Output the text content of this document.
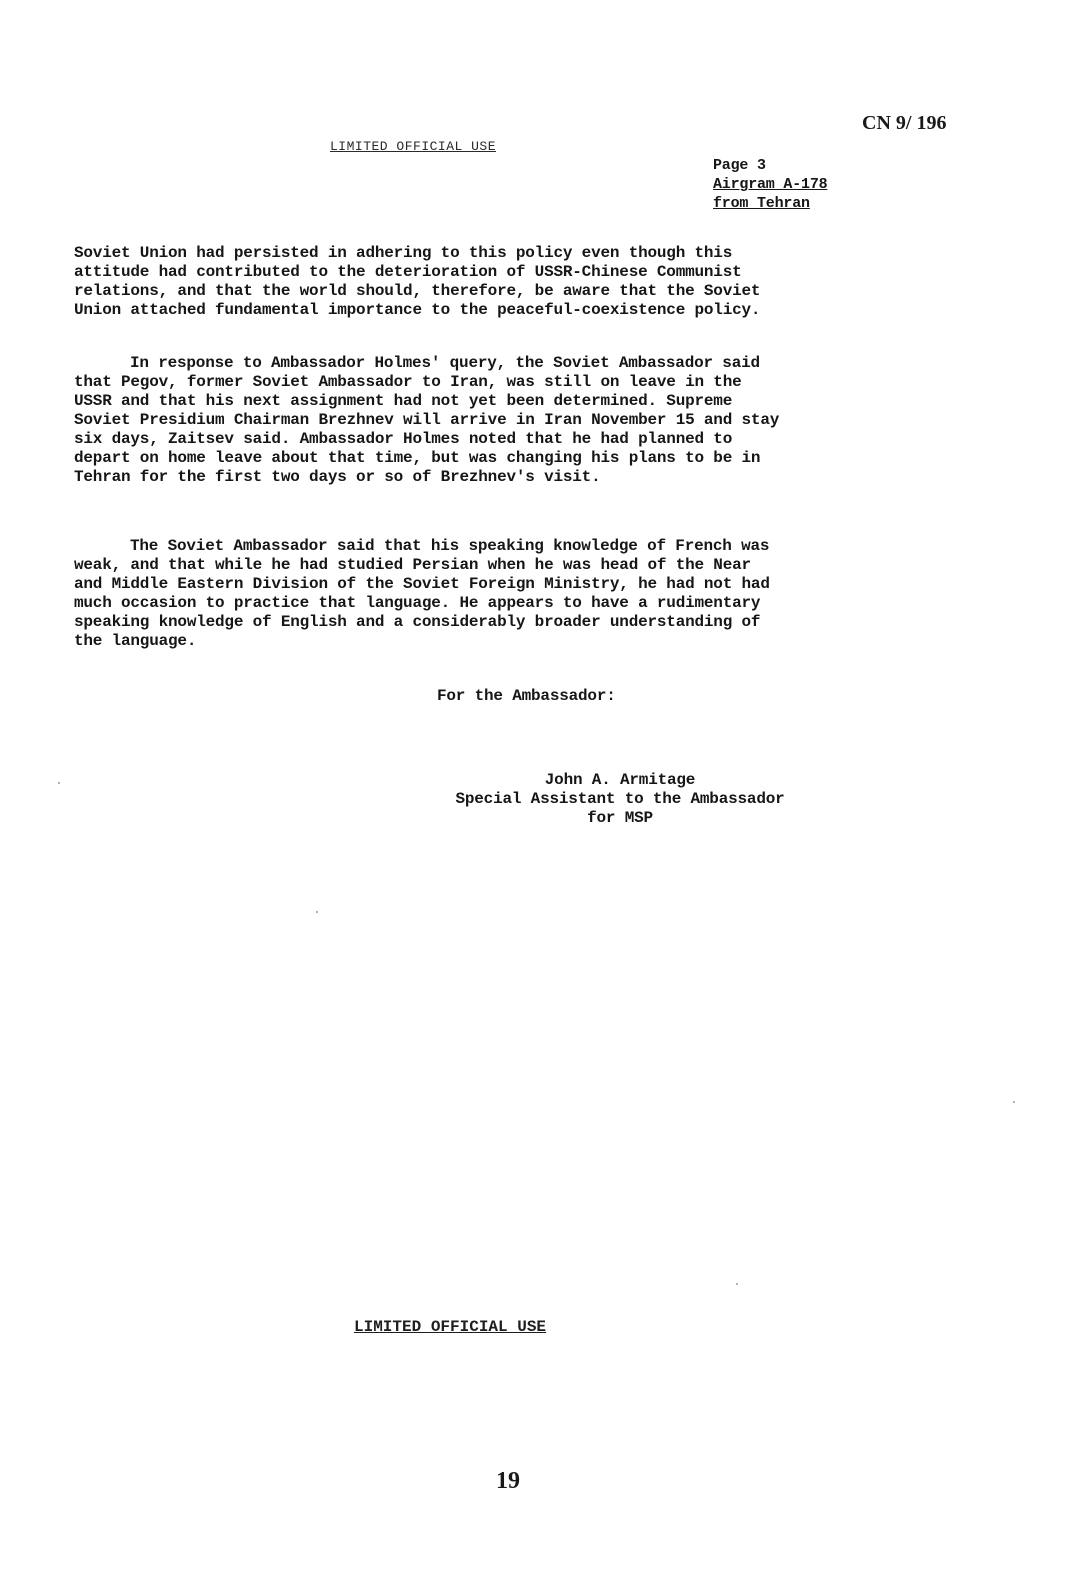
LIMITED OFFICIAL USE
CN 9/ 196
Page 3
Airgram A-178
from Tehran

Soviet Union had persisted in adhering to this policy even though this

attitude had contributed to the deterioration of USSR-Chinese Communist

relations, and that the world should, therefore, be aware that the Soviet

Union attached fundamental importance to the peaceful-coexistence policy.

In response to Ambassador Holmes' query, the Soviet Ambassador said

that Pegov, former Soviet Ambassador to Iran, was still on leave in the

USSR and that his next assignment had not yet been determined. Supreme

Soviet Presidium Chairman Brezhnev will arrive in Iran November 15 and stay

six days, Zaitsev said. Ambassador Holmes noted that he had planned to

depart on home leave about that time, but was changing his plans to be in

Tehran for the first two days or so of Brezhnev's visit.

The Soviet Ambassador said that his speaking knowledge of French was

weak, and that while he had studied Persian when he was head of the Near

and Middle Eastern Division of the Soviet Foreign Ministry, he had not had

much occasion to practice that language. He appears to have a rudimentary

speaking knowledge of English and a considerably broader understanding of

the language.

For the Ambassador:
John A. Armitage
Special Assistant to the Ambassador
for MSP
LIMITED OFFICIAL USE
19
